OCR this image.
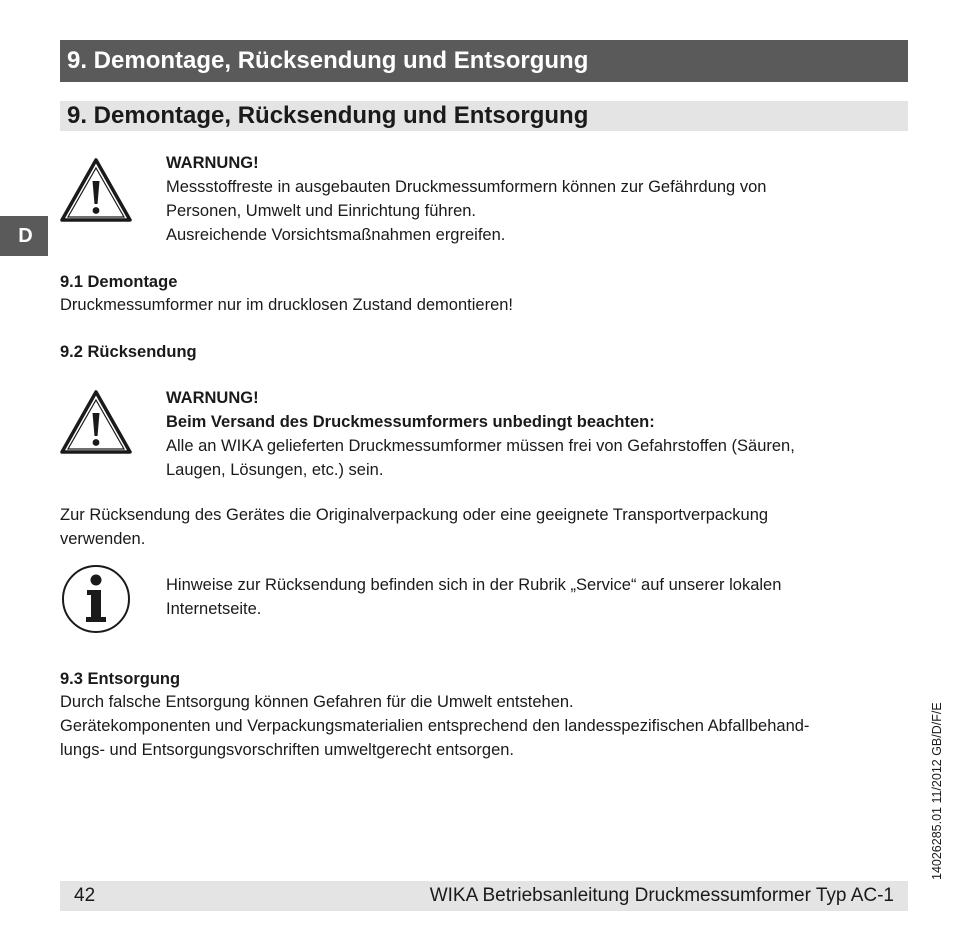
9. Demontage, Rücksendung und Entsorgung
9. Demontage, Rücksendung und Entsorgung
D
WARNUNG!
Messstoffreste in ausgebauten Druckmessumformern können zur Gefährdung von
Personen, Umwelt und Einrichtung führen.
Ausreichende Vorsichtsmaßnahmen ergreifen.
9.1 Demontage
Druckmessumformer nur im drucklosen Zustand demontieren!
9.2 Rücksendung
WARNUNG!
Beim Versand des Druckmessumformers unbedingt beachten:
Alle an WIKA gelieferten Druckmessumformer müssen frei von Gefahrstoffen (Säuren,
Laugen, Lösungen, etc.) sein.
Zur Rücksendung des Gerätes die Originalverpackung oder eine geeignete Transportverpackung
verwenden.
Hinweise zur Rücksendung befinden sich in der Rubrik „Service“ auf unserer lokalen
Internetseite.
9.3 Entsorgung
Durch falsche Entsorgung können Gefahren für die Umwelt entstehen.
Gerätekomponenten und Verpackungsmaterialien entsprechend den landesspezifischen Abfallbehand-
lungs- und Entsorgungsvorschriften umweltgerecht entsorgen.
42	WIKA Betriebsanleitung Druckmessumformer Typ AC-1
14026285.01 11/2012 GB/D/F/E
